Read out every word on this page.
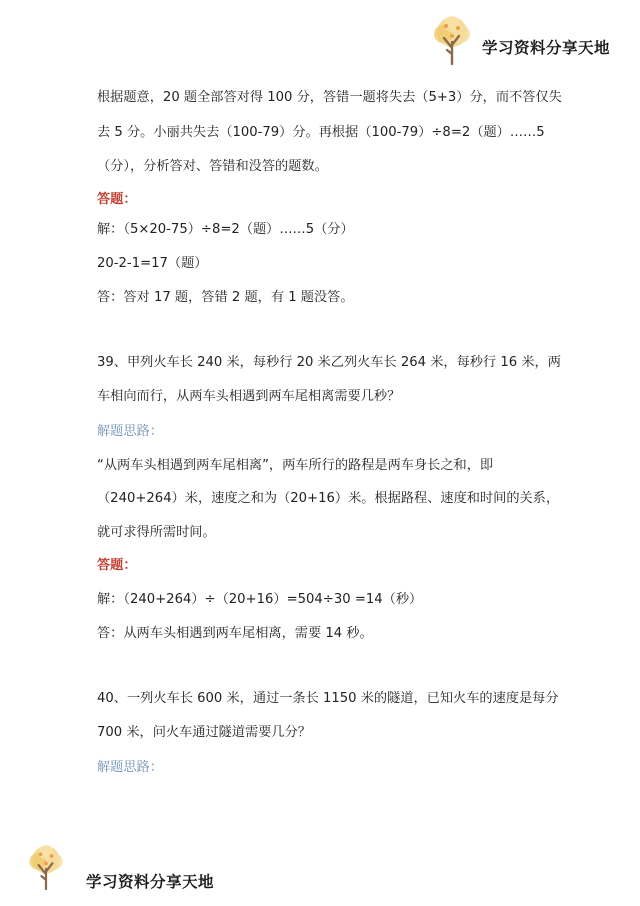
学习资料分享天地
根据题意，20 题全部答对得 100 分，答错一题将失去（5+3）分，而不答仅失
去 5 分。小丽共失去（100-79）分。再根据（100-79）÷8=2（题）……5
（分），分析答对、答错和没答的题数。
答题：
解：（5×20-75）÷8=2（题）……5（分）
20-2-1=17（题）
答：答对 17 题，答错 2 题，有 1 题没答。
39、甲列火车长 240 米，每秒行 20 米乙列火车长 264 米，每秒行 16 米，两
车相向而行，从两车头相遇到两车尾相离需要几秒？
解题思路：
“从两车头相遇到两车尾相离”，两车所行的路程是两车身长之和，即
（240+264）米，速度之和为（20+16）米。根据路程、速度和时间的关系，
就可求得所需时间。
答题：
解：（240+264）÷（20+16）=504÷30 =14（秒）
答：从两车头相遇到两车尾相离，需要 14 秒。
40、一列火车长 600 米，通过一条长 1150 米的隧道，已知火车的速度是每分
700 米，问火车通过隧道需要几分？
解题思路：
学习资料分享天地
